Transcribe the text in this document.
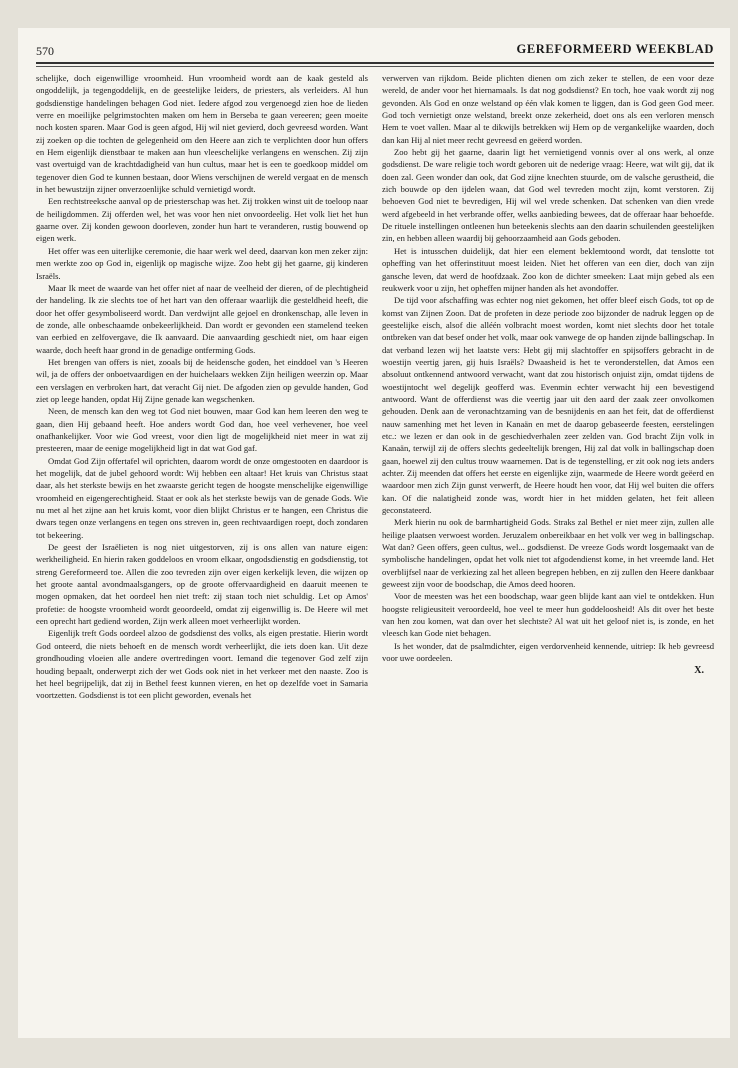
570	GEREFORMEERD WEEKBLAD

schelijke, doch eigenwillige vroomheid. Hun vroomheid wordt aan de kaak gesteld als ongoddelijk, ja tegengoddelijk, en de geestelijke leiders, de priesters, als verleiders. Al hun godsdienstige handelingen behagen God niet. Iedere afgod zou vergenoegd zien hoe de lieden verre en moeilijke pelgrimstochten maken om hem in Berseba te gaan vereeren; geen moeite noch kosten sparen. Maar God is geen afgod, Hij wil niet gevierd, doch gevreesd worden. Want zij zoeken op die tochten de gelegenheid om den Heere aan zich te verplichten door hun offers en Hem eigenlijk dienstbaar te maken aan hun vleeschelijke verlangens en wenschen. Zij zijn vast overtuigd van de krachtdadigheid van hun cultus, maar het is een te goedkoop middel om tegenover dien God te kunnen bestaan, door Wiens verschijnen de wereld vergaat en de mensch in het bewustzijn zijner onverzoenlijke schuld vernietigd wordt.

Een rechtstreeksche aanval op de priesterschap was het. Zij trokken winst uit de toeloop naar de heiligdommen. Zij offerden wel, het was voor hen niet onvoordeelig. Het volk liet het hun gaarne over. Zij konden gewoon doorleven, zonder hun hart te veranderen, rustig bouwend op eigen werk.

Het offer was een uiterlijke ceremonie, die haar werk wel deed, daarvan kon men zeker zijn: men werkte zoo op God in, eigenlijk op magische wijze. Zoo hebt gij het gaarne, gij kinderen Israëls.

Maar Ik meet de waarde van het offer niet af naar de veelheid der dieren, of de plechtigheid der handeling. Ik zie slechts toe of het hart van den offeraar waarlijk die gesteldheid heeft, die door het offer gesymboliseerd wordt. Dan verdwijnt alle gejoel en dronkenschap, alle leven in de zonde, alle onbeschaamde onbekeerlijkheid. Dan wordt er gevonden een stamelend teeken van eerbied en zelfovergave, die Ik aanvaard. Die aanvaarding geschiedt niet, om haar eigen waarde, doch heeft haar grond in de genadige ontferming Gods.

Het brengen van offers is niet, zooals bij de heidensche goden, het einddoel van 's Heeren wil, ja de offers der onboetvaardigen en der huichelaars wekken Zijn heiligen weerzin op. Maar een verslagen en verbroken hart, dat veracht Gij niet. De afgoden zien op gevulde handen, God ziet op leege handen, opdat Hij Zijne genade kan wegschenken.

Neen, de mensch kan den weg tot God niet bouwen, maar God kan hem leeren den weg te gaan, dien Hij gebaand heeft. Hoe anders wordt God dan, hoe veel verhevener, hoe veel onafhankelijker. Voor wie God vreest, voor dien ligt de mogelijkheid niet meer in wat zij presteeren, maar de eenige mogelijkheid ligt in dat wat God gaf.

Omdat God Zijn offertafel wil oprichten, daarom wordt de onze omgestooten en daardoor is het mogelijk, dat de jubel gehoord wordt: Wij hebben een altaar! Het kruis van Christus staat daar, als het sterkste bewijs en het zwaarste gericht tegen de hoogste menschelijke eigenwillige vroomheid en eigengerechtigheid. Staat er ook als het sterkste bewijs van de genade Gods. Wie nu met al het zijne aan het kruis komt, voor dien blijkt Christus er te hangen, een Christus die dwars tegen onze verlangens en tegen ons streven in, geen rechtvaardigen roept, doch zondaren tot bekeering.

De geest der Israëlieten is nog niet uitgestorven, zij is ons allen van nature eigen: werkheiligheid. En hierin raken goddeloos en vroom elkaar, ongodsdienstig en godsdienstig, tot streng Gereformeerd toe. Allen die zoo tevreden zijn over eigen kerkelijk leven, die wijzen op het groote aantal avondmaalsgangers, op de groote offervaardigheid en daaruit meenen te mogen opmaken, dat het oordeel hen niet treft: zij staan toch niet schuldig. Let op Amos' profetie: de hoogste vroomheid wordt geoordeeld, omdat zij eigenwillig is. De Heere wil met een oprecht hart gediend worden, Zijn werk alleen moet verheerlijkt worden.

Eigenlijk treft Gods oordeel alzoo de godsdienst des volks, als eigen prestatie. Hierin wordt God onteerd, die niets behoeft en de mensch wordt verheerlijkt, die iets doen kan. Uit deze grondhouding vloeien alle andere overtredingen voort. Iemand die tegenover God zelf zijn houding bepaalt, onderwerpt zich der wet Gods ook niet in het verkeer met den naaste. Zoo is het heel begrijpelijk, dat zij in Bethel feest kunnen vieren, en het op dezelfde voet in Samaria voortzetten. Godsdienst is tot een plicht geworden, evenals het

verwerven van rijkdom. Beide plichten dienen om zich zeker te stellen, de een voor deze wereld, de ander voor het hiernamaals. Is dat nog godsdienst? En toch, hoe vaak wordt zij nog gevonden. Als God en onze welstand op één vlak komen te liggen, dan is God geen God meer. God toch vernietigt onze welstand, breekt onze zekerheid, doet ons als een verloren mensch Hem te voet vallen. Maar al te dikwijls betrekken wij Hem op de vergankelijke waarden, doch dan kan Hij al niet meer recht gevreesd en geëerd worden.

Zoo hebt gij het gaarne, daarin ligt het vernietigend vonnis over al ons werk, al onze godsdienst. De ware religie toch wordt geboren uit de nederige vraag: Heere, wat wilt gij, dat ik doen zal. Geen wonder dan ook, dat God zijne knechten stuurde, om de valsche gerustheid, die zich bouwde op den ijdelen waan, dat God wel tevreden mocht zijn, komt verstoren. Zij behoeven God niet te bevredigen, Hij wil wel vrede schenken. Dat schenken van dien vrede werd afgebeeld in het verbrande offer, welks aanbieding bewees, dat de offeraar haar behoefde. De rituele instellingen ontleenen hun beteekenis slechts aan den daarin schuilenden geestelijken zin, en hebben alleen waardij bij gehoorzaamheid aan Gods geboden.

Het is intusschen duidelijk, dat hier een element beklemtoond wordt, dat tenslotte tot opheffing van het offerinstituut moest leiden. Niet het offeren van een dier, doch van zijn gansche leven, dat werd de hoofdzaak. Zoo kon de dichter smeeken: Laat mijn gebed als een reukwerk voor u zijn, het opheffen mijner handen als het avondoffer.

De tijd voor afschaffing was echter nog niet gekomen, het offer bleef eisch Gods, tot op de komst van Zijnen Zoon. Dat de profeten in deze periode zoo bijzonder de nadruk leggen op de geestelijke eisch, alsof die alléén volbracht moest worden, komt niet slechts door het totale ontbreken van dat besef onder het volk, maar ook vanwege de op handen zijnde ballingschap. In dat verband lezen wij het laatste vers: Hebt gij mij slachtoffer en spijsoffers gebracht in de woestijn veertig jaren, gij huis Israëls? Dwaasheid is het te veronderstellen, dat Amos een absoluut ontkennend antwoord verwacht, want dat zou historisch onjuist zijn, omdat tijdens de woestijntocht wel degelijk geofferd was. Evenmin echter verwacht hij een bevestigend antwoord. Want de offerdienst was die veertig jaar uit den aard der zaak zeer onvolkomen gehouden. Denk aan de veronachtzaming van de besnijdenis en aan het feit, dat de offerdienst nauw samenhing met het leven in Kanaän en met de daarop gebaseerde feesten, eerstelingen etc.: we lezen er dan ook in de geschiedverhalen zeer zelden van. God bracht Zijn volk in Kanaän, terwijl zij de offers slechts gedeeltelijk brengen, Hij zal dat volk in ballingschap doen gaan, hoewel zij den cultus trouw waarnemen. Dat is de tegenstelling, er zit ook nog iets anders achter. Zij meenden dat offers het eerste en eigenlijke zijn, waarmede de Heere wordt geëerd en waardoor men zich Zijn gunst verwerft, de Heere houdt hen voor, dat Hij wel buiten die offers kan. Of die nalatigheid zonde was, wordt hier in het midden gelaten, het feit alleen geconstateerd.

Merk hierin nu ook de barmhartigheid Gods. Straks zal Bethel er niet meer zijn, zullen alle heilige plaatsen verwoest worden. Jeruzalem onbereikbaar en het volk ver weg in ballingschap. Wat dan? Geen offers, geen cultus, wel... godsdienst. De vreeze Gods wordt losgemaakt van de symbolische handelingen, opdat het volk niet tot afgodendienst kome, in het vreemde land. Het overblijfsel naar de verkiezing zal het alleen begrepen hebben, en zij zullen den Heere dankbaar geweest zijn voor de boodschap, die Amos deed hooren.

Voor de meesten was het een boodschap, waar geen blijde kant aan viel te ontdekken. Hun hoogste religieusiteit veroordeeld, hoe veel te meer hun goddeloosheid! Als dit over het beste van hen zou komen, wat dan over het slechtste? Al wat uit het geloof niet is, is zonde, en het vleesch kan Gode niet behagen.

Is het wonder, dat de psalmdichter, eigen verdorvenheid kennende, uitriep: Ik heb gevreesd voor uwe oordeelen.

X.
